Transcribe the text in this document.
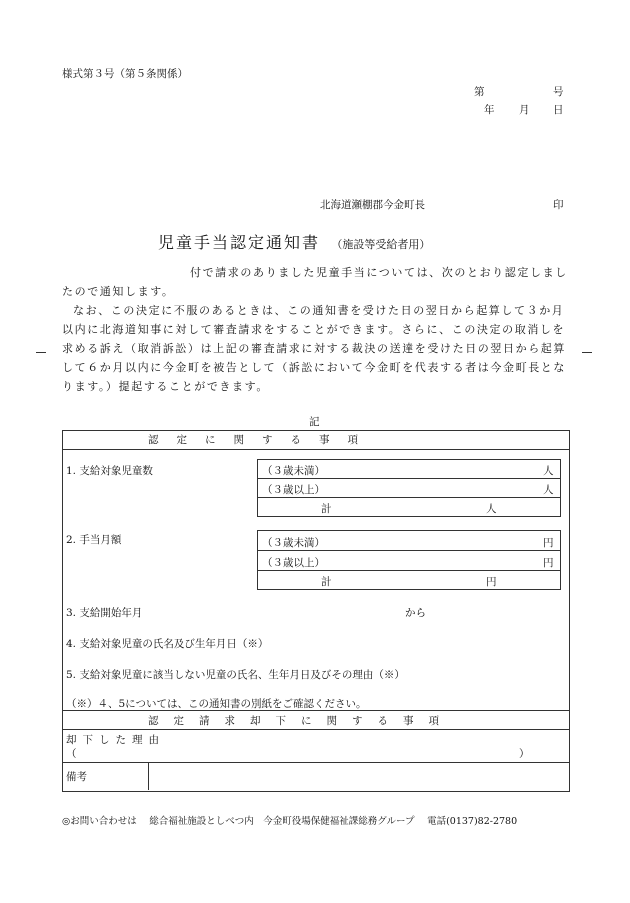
様式第３号（第５条関係）
第	号
年 月 日
北海道瀬棚郡今金町長	印
児童手当認定通知書 （施設等受給者用）

付で請求のありました児童手当については、次のとおり認定しましたので通知します。

なお、この決定に不服のあるときは、この通知書を受けた日の翌日から起算して３か月以内に北海道知事に対して審査請求をすることができます。さらに、この決定の取消しを求める訴え（取消訴訟）は上記の審査請求に対する裁決の送達を受けた日の翌日から起算して６か月以内に今金町を被告として（訴訟において今金町を代表する者は今金町長となります。）提起することができます。

記
認定に関する事項
1. 支給対象児童数	（３歳未満）	人
（３歳以上）	人
計	人
2. 手当月額	（３歳未満）	円
（３歳以上）	円
計	円
3. 支給開始年月	から
4. 支給対象児童の氏名及び生年月日（※）
5. 支給対象児童に該当しない児童の氏名、生年月日及びその理由（※）
（※）４、5については、この通知書の別紙をご確認ください。
認定請求却下に関する事項
却下した理由
（	）
備考
◎お問い合わせは　 総合福祉施設としべつ内　今金町役場保健福祉課総務グループ　 電話(0137)82-2780
